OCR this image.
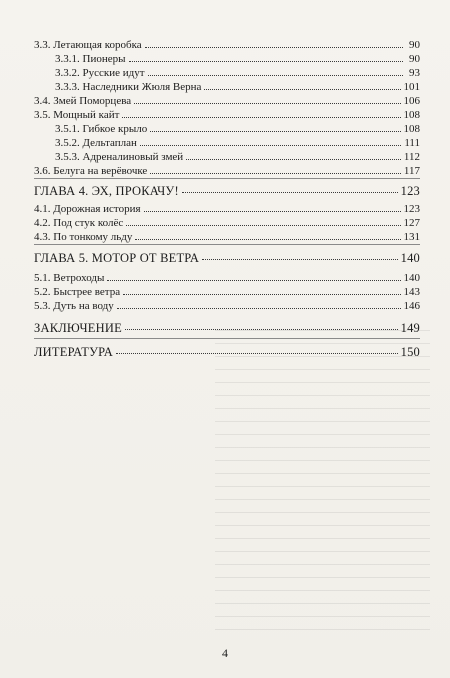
3.3. Летающая коробка	90
3.3.1. Пионеры	90
3.3.2. Русские идут	93
3.3.3. Наследники Жюля Верна	101
3.4. Змей Поморцева	106
3.5. Мощный кайт	108
3.5.1. Гибкое крыло	108
3.5.2. Дельтаплан	111
3.5.3. Адреналиновый змей	112
3.6. Белуга на верёвочке	117
ГЛАВА 4. ЭХ, ПРОКАЧУ!	123
4.1. Дорожная история	123
4.2. Под стук колёс	127
4.3. По тонкому льду	131
ГЛАВА 5. МОТОР ОТ ВЕТРА	140
5.1. Ветроходы	140
5.2. Быстрее ветра	143
5.3. Дуть на воду	146
ЗАКЛЮЧЕНИЕ	149
ЛИТЕРАТУРА	150
4
